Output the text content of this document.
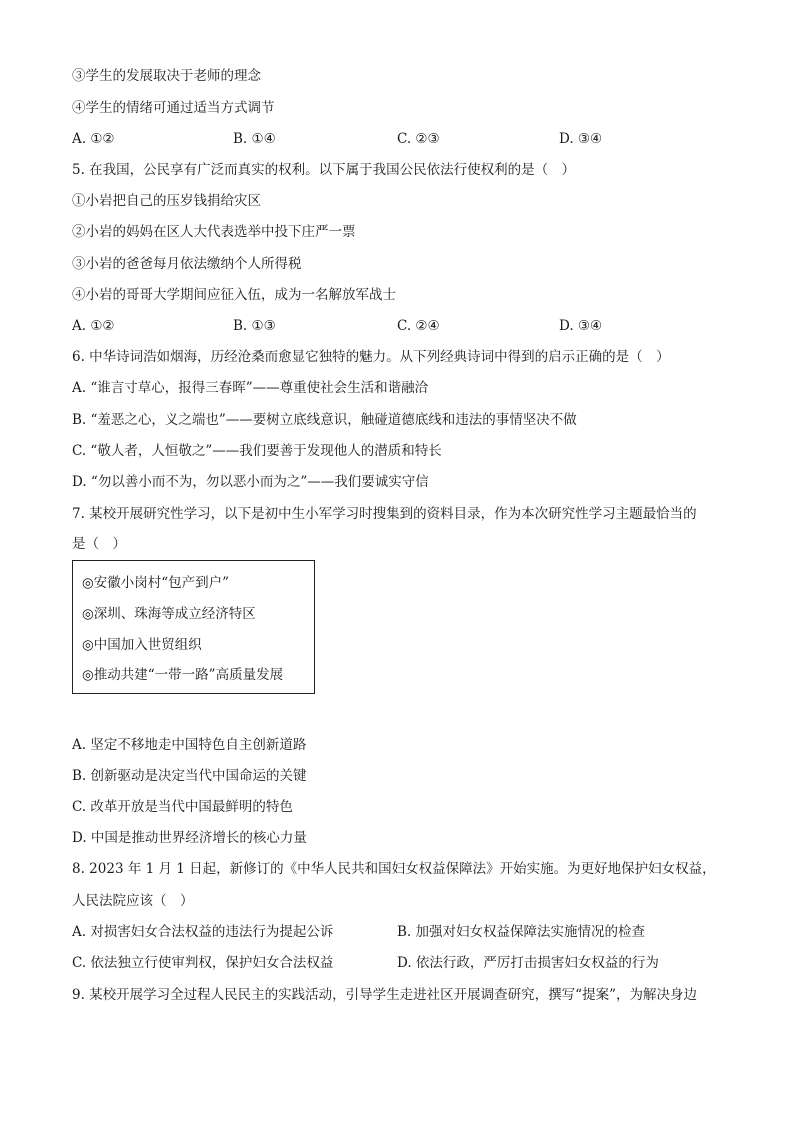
③学生的发展取决于老师的理念
④学生的情绪可通过适当方式调节
A. ①②	B. ①④	C. ②③	D. ③④
5. 在我国，公民享有广泛而真实的权利。以下属于我国公民依法行使权利的是（　）
①小岩把自己的压岁钱捐给灾区
②小岩的妈妈在区人大代表选举中投下庄严一票
③小岩的爸爸每月依法缴纳个人所得税
④小岩的哥哥大学期间应征入伍，成为一名解放军战士
A. ①②	B. ①③	C. ②④	D. ③④
6. 中华诗词浩如烟海，历经沧桑而愈显它独特的魅力。从下列经典诗词中得到的启示正确的是（　）
A. “谁言寸草心，报得三春晖”——尊重使社会生活和谐融洽
B. “羞恶之心，义之端也”——要树立底线意识，触碰道德底线和违法的事情坚决不做
C. “敬人者，人恒敬之”——我们要善于发现他人的潜质和特长
D. “勿以善小而不为，勿以恶小而为之”——我们要诚实守信
7. 某校开展研究性学习，以下是初中生小军学习时搜集到的资料目录，作为本次研究性学习主题最恰当的
是（　）
◎安徽小岗村“包产到户”
◎深圳、珠海等成立经济特区
◎中国加入世贸组织
◎推动共建“一带一路”高质量发展
A. 坚定不移地走中国特色自主创新道路
B. 创新驱动是决定当代中国命运的关键
C. 改革开放是当代中国最鲜明的特色
D. 中国是推动世界经济增长的核心力量
8. 2023 年 1 月 1 日起，新修订的《中华人民共和国妇女权益保障法》开始实施。为更好地保护妇女权益，
人民法院应该（　）
A. 对损害妇女合法权益的违法行为提起公诉	B. 加强对妇女权益保障法实施情况的检查
C. 依法独立行使审判权，保护妇女合法权益	D. 依法行政，严厉打击损害妇女权益的行为
9. 某校开展学习全过程人民民主的实践活动，引导学生走进社区开展调查研究，撰写“提案”，为解决身边
